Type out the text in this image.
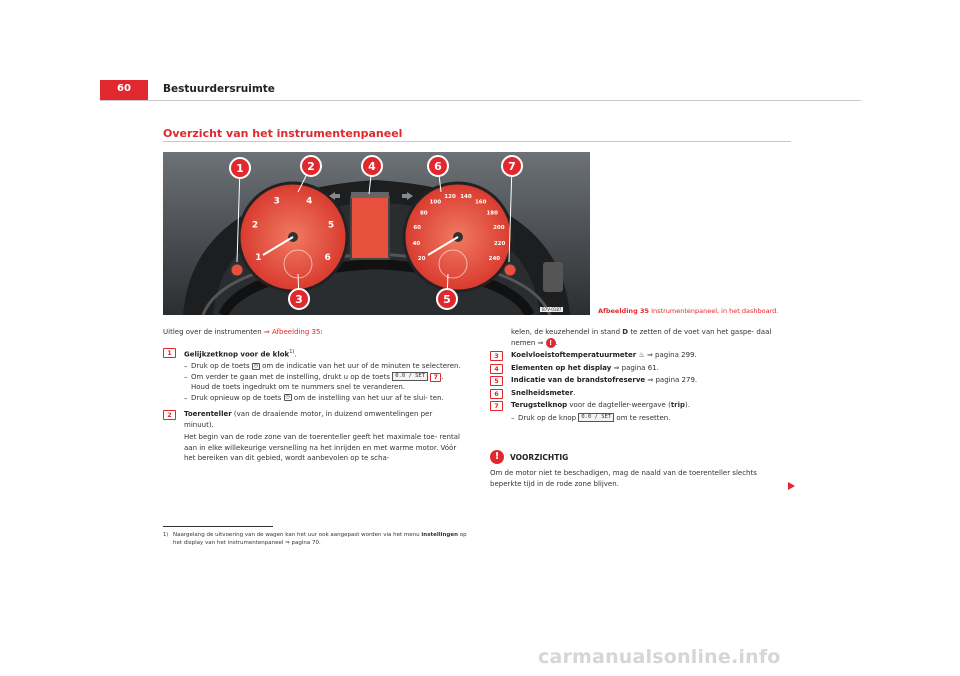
60	Bestuurdersruimte
Overzicht van het instrumentenpaneel
1
2
3	4
5
6	20
40
60
80
100
120 140
160
180
200
220
240
1	2	4	6
5
3
7
B7V-0187	Afbeelding 35 Instrumentenpaneel, in het dashboard.
Uitleg over de instrumenten ⇒ Afbeelding 35:
1	Gelijkzetknop voor de klok$^{1)}$.
– Druk op de toets ◷ om de indicatie van het uur of de minuten te selecteren.
– Om verder te gaan met de instelling, drukt u op de toets 0.0 / SET 7 . Houd de toets ingedrukt om te nummers snel te veranderen.
– Druk opnieuw op de toets ◷ om de instelling van het uur af te slui- ten.
2	Toerenteller (van de draaiende motor, in duizend omwentelingen per minuut).
Het begin van de rode zone van de toerenteller geeft het maximale toe- rental aan in elke willekeurige versnelling na het inrijden en met warme motor. Vóór het bereiken van dit gebied, wordt aanbevolen op te scha-
kelen, de keuzehendel in stand D te zetten of de voet van het gaspe- daal nemen ⇒ ! .
3	Koelvloeistoftemperatuurmeter ♨ ⇒ pagina 299.
4	Elementen op het display ⇒ pagina 61.
5	Indicatie van de brandstofreserve ⇒ pagina 279.
6	Snelheidsmeter.
7	Terugstelknop voor de dagteller-weergave (trip).
– Druk op de knop 0.0 / SET om te resetten.
!	VOORZICHTIG
Om de motor niet te beschadigen, mag de naald van de toerenteller slechts beperkte tijd in de rode zone blijven.
1) Naargelang de uitvoering van de wagen kan het uur ook aangepast worden via het menu instellingen op het display van het instrumentenpaneel ⇒ pagina 70.
carmanualsonline.info
